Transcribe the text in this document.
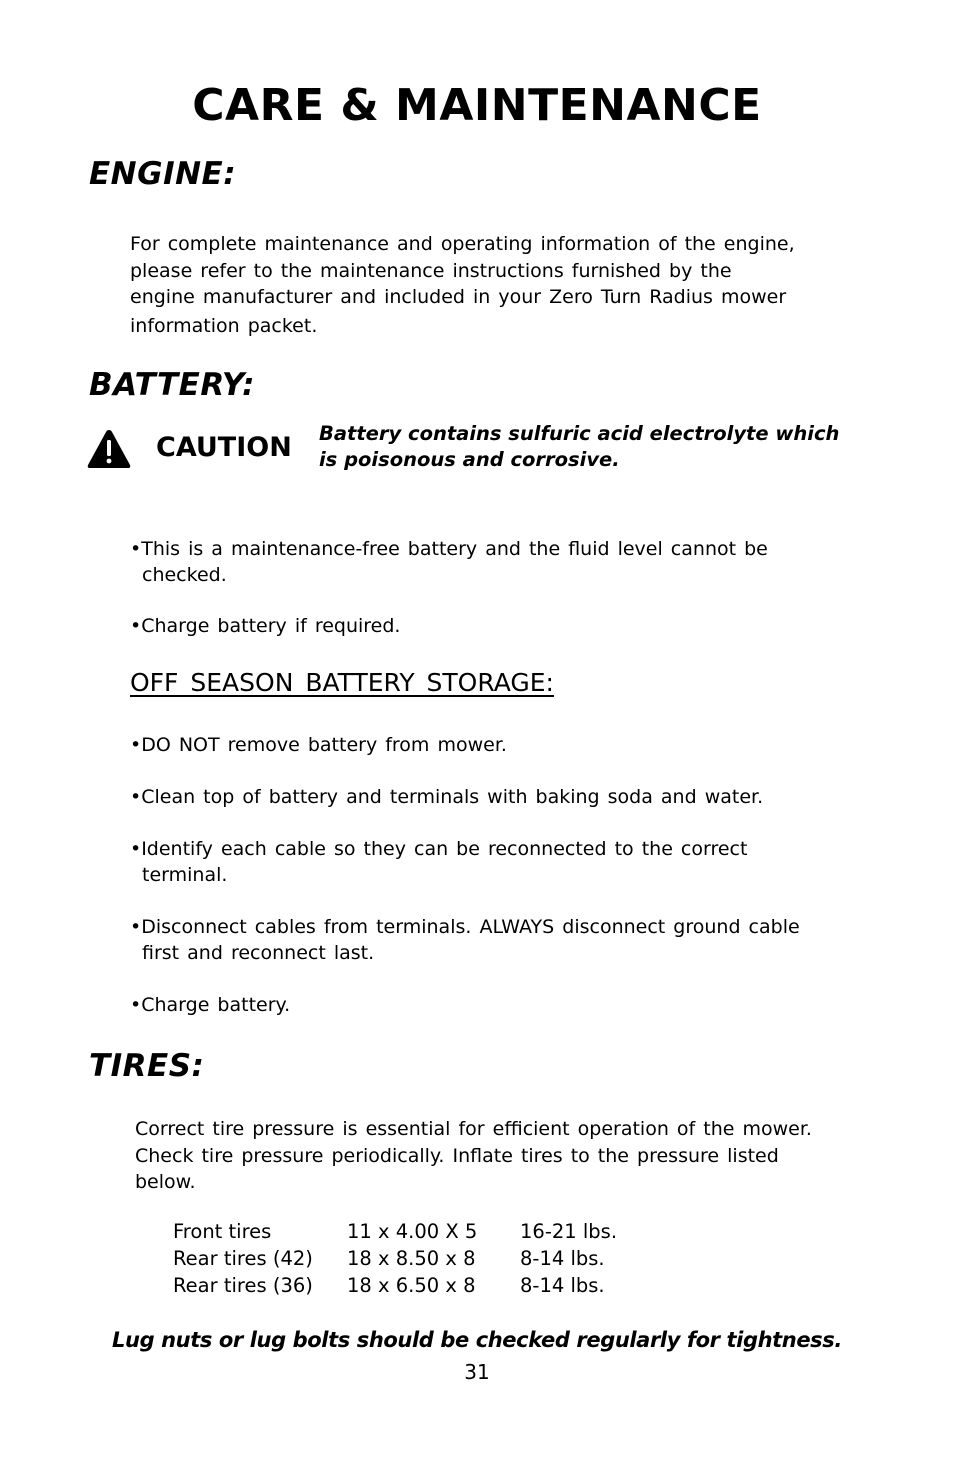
CARE & MAINTENANCE
ENGINE:
For complete maintenance and operating information of the engine,
please refer to the maintenance instructions furnished by the
engine manufacturer and included in your Zero Turn Radius mower
information packet.
BATTERY:
CAUTION Battery contains sulfuric acid electrolyte which
is poisonous and corrosive.
•This is a maintenance-free battery and the fluid level cannot be
checked.
•Charge battery if required.
OFF SEASON BATTERY STORAGE:
•DO NOT remove battery from mower.
•Clean top of battery and terminals with baking soda and water.
•Identify each cable so they can be reconnected to the correct
terminal.
•Disconnect cables from terminals. ALWAYS disconnect ground cable
first and reconnect last.
•Charge battery.
TIRES:
Correct tire pressure is essential for efficient operation of the mower.
Check tire pressure periodically. Inflate tires to the pressure listed
below.
Front tires	11 x 4.00 X 5	16-21 lbs.
Rear tires (42)	18 x 8.50 x 8	8-14 lbs.
Rear tires (36)	18 x 6.50 x 8	8-14 lbs.
Lug nuts or lug bolts should be checked regularly for tightness.
31
